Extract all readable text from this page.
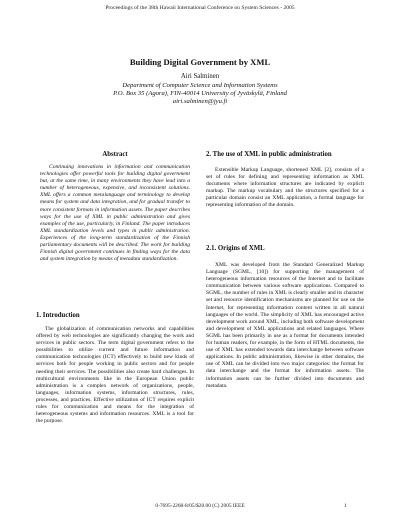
Proceedings of the 38th Hawaii International Conference on System Sciences - 2005
Building Digital Government by XML
Airi Salminen
Department of Computer Science and Information Systems
P.O. Box 35 (Agora), FIN-40014 University of Jyväskylä, Finland
airi.salminen@jyu.fi
Abstract

Continuing innovations in information and communication technologies offer powerful tools for building digital government but, at the same time, in many environments they have lead into a number of heterogeneous, expensive, and inconsistent solutions. XML offers a common metalanguage and terminology to develop means for system and data integration, and for gradual transfer to more consistent formats in information assets. The paper describes ways for the use of XML in public administration and gives examples of the use, particularly, in Finland. The paper introduces XML standardization levels and types in public administration. Experiences of the long-term standardization of the Finnish parliamentary documents will be described. The work for building Finnish digital government continues in finding ways for the data and system integration by means of metadata standardization.

1. Introduction

The globalization of communication networks and capabilities offered by web technologies are significantly changing the work and services in public sectors. The term digital government refers to the possibilities to utilize current and future information and communication technologies (ICT) effectively to build new kinds of services both for people working in public sectors and for people needing their services. The possibilities also create hard challenges. In multicultural environments like in the European Union public administration is a complex network of organizations, people, languages, information systems, information structures, rules, processes, and practices. Effective utilization of ICT requires explicit rules for communication and means for the integration of heterogeneous systems and information resources. XML is a tool for the purpose.

2. The use of XML in public administration

Extensible Markup Language, shortened XML [2], consists of a set of rules for defining and representing information as XML documents where information structures are indicated by explicit markup. The markup vocabulary and the structures specified for a particular domain consist an XML application, a formal language for representing information of the domain.

2.1. Origins of XML

XML was developed from the Standard Generalized Markup Language (SGML, [10]) for supporting the management of heterogeneous information resources of the Internet and to facilitate communication between various software applications. Compared to SGML, the number of rules in XML is clearly smaller and its character set and resource identification mechanisms are planned for use on the Internet, for representing information content written in all natural languages of the world. The simplicity of XML has encouraged active development work around XML, including both software development and development of XML applications and related languages. Where SGML has been primarily in use as a format for documents intended for human readers, for example, in the form of HTML documents, the use of XML has extended towards data interchange between software applications. In public administration, likewise in other domains, the use of XML can be divided into two major categories: the format for data interchange and the format for information assets. The information assets can be further divided into documents and metadata.

0-7695-2268-8/05/$20.00 (C) 2005 IEEE	1
